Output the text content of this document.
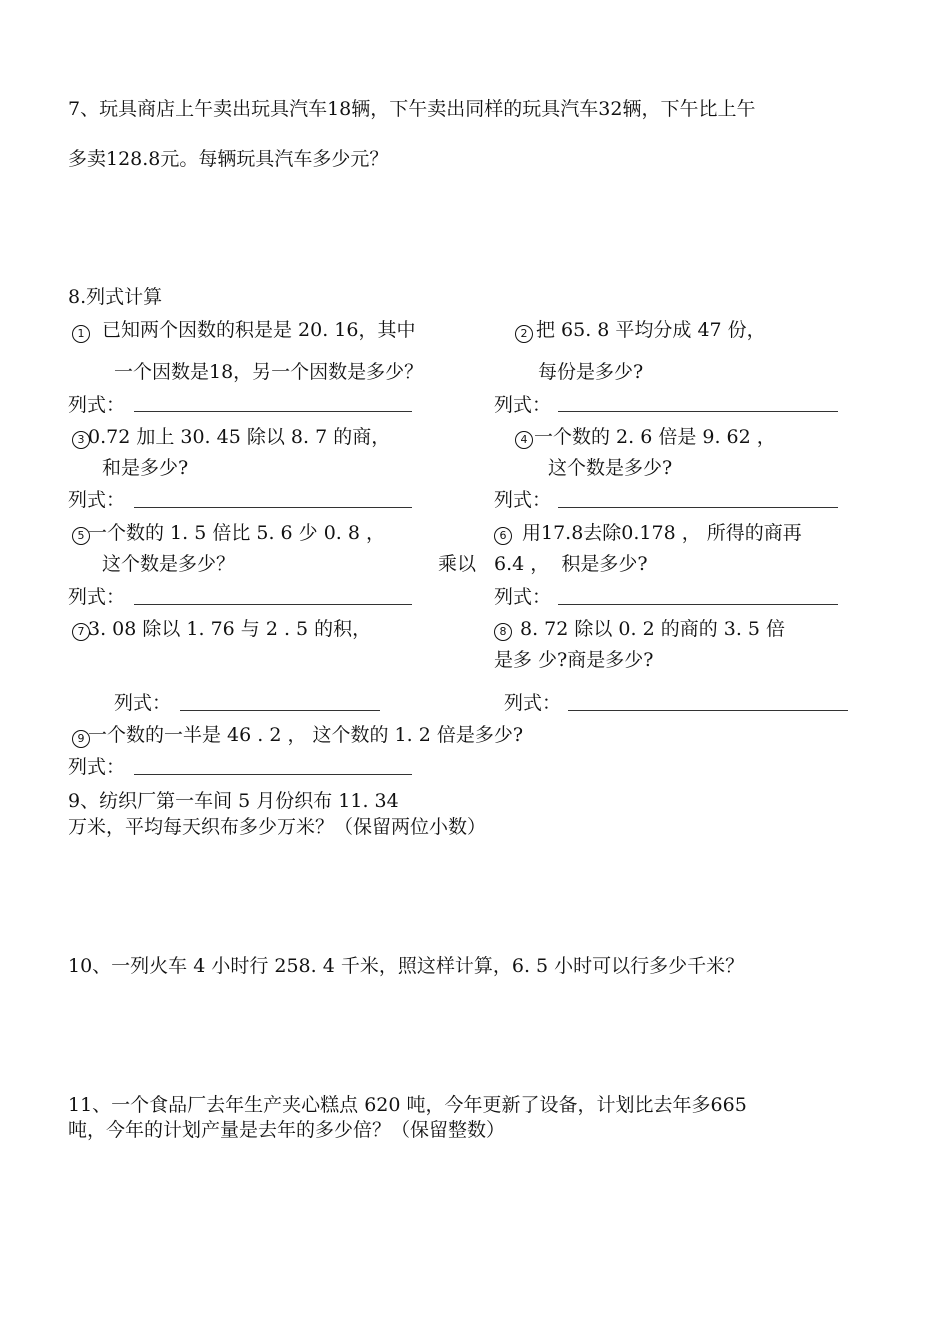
7、玩具商店上午卖出玩具汽车18辆，下午卖出同样的玩具汽车32辆，下午比上午
多卖128.8元。每辆玩具汽车多少元？
8.列式计算
1 已知两个因数的积是是 20. 16，其中
一个因数是18，另一个因数是多少？
列式：
2 把 65. 8 平均分成 47 份，
每份是多少?
列式：
3 0.72 加上 30. 45 除以 8. 7 的商，
和是多少?
列式：
4 一个数的 2. 6 倍是 9. 62 ，
这个数是多少?
列式：
5 一个数的 1. 5 倍比 5. 6 少 0. 8 ，
这个数是多少？
列式：
6 用17.8去除0.178 ， 所得的商再
乘以 6.4 ，  积是多少?
列式：
7 3. 08 除以 1. 76 与 2 . 5 的积，	8 8. 72 除以 0. 2 的商的 3. 5 倍
是多 少?商是多少?
列式：	列式：
9 一个数的一半是 46 . 2 ， 这个数的 1. 2 倍是多少?
列式：
9、纺织厂第一车间 5 月份织布 11. 34
万米，平均每天织布多少万米？（保留两位小数）
10、一列火车 4 小时行 258. 4 千米，照这样计算，6. 5 小时可以行多少千米？
11、一个食品厂去年生产夹心糕点 620 吨，今年更新了设备，计划比去年多665
吨，今年的计划产量是去年的多少倍？（保留整数）
